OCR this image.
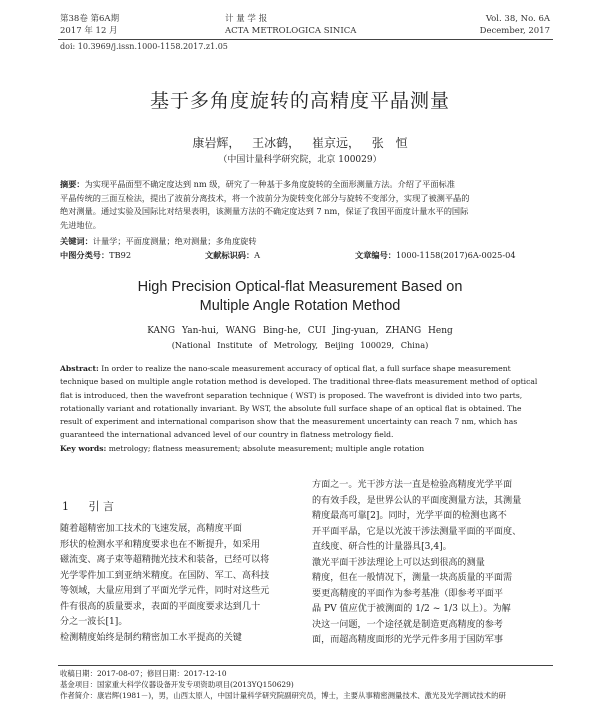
第38卷 第6A期
2017 年 12 月
计 量 学 报
ACTA METROLOGICA SINICA
Vol. 38, No. 6A
December, 2017
doi: 10.3969/j.issn.1000-1158.2017.z1.05
基于多角度旋转的高精度平晶测量
康岩辉， 王冰鹤， 崔京远， 张 恒
（中国计量科学研究院，北京 100029）
摘要：为实现平晶面型不确定度达到 nm 级，研究了一种基于多角度旋转的全面形测量方法。介绍了平面标准
平晶传统的三面互检法，提出了波前分离技术，将一个波前分为旋转变化部分与旋转不变部分，实现了被测平晶的
绝对测量。通过实验及国际比对结果表明，该测量方法的不确定度达到 7 nm，保证了我国平面度计量水平的国际
先进地位。
关键词：计量学；平面度测量；绝对测量；多角度旋转
中图分类号：TB92	文献标识码：A	文章编号：1000-1158(2017)6A-0025-04
High Precision Optical-flat Measurement Based on
Multiple Angle Rotation Method
KANG Yan-hui, WANG Bing-he, CUI Jing-yuan, ZHANG Heng
(National Institute of Metrology, Beijing 100029, China)
Abstract: In order to realize the nano-scale measurement accuracy of optical flat, a full surface shape measurement
technique based on multiple angle rotation method is developed. The traditional three-flats measurement method of optical
flat is introduced, then the wavefront separation technique ( WST) is proposed. The wavefront is divided into two parts,
rotationally variant and rotationally invariant. By WST, the absolute full surface shape of an optical flat is obtained. The
result of experiment and international comparison show that the measurement uncertainty can reach 7 nm, which has
guaranteed the international advanced level of our country in flatness metrology field.
Key words: metrology; flatness measurement; absolute measurement; multiple angle rotation
1 引 言
随着超精密加工技术的飞速发展，高精度平面
形状的检测水平和精度要求也在不断提升，如采用
磁流变、离子束等超精抛光技术和装备，已经可以将
光学零件加工到亚纳米精度。在国防、军工、高科技
等领域，大量应用到了平面光学元件，同时对这些元
件有很高的质量要求，表面的平面度要求达到几十
分之一波长[1]。
检测精度始终是制约精密加工水平提高的关键
方面之一。光干涉方法一直是检验高精度光学平面
的有效手段，是世界公认的平面度测量方法，其测量
精度最高可靠[2]。同时，光学平面的检测也离不
开平面平晶，它是以光波干涉法测量平面的平面度、
直线度、研合性的计量器具[3,4]。
激光平面干涉法理论上可以达到很高的测量
精度，但在一般情况下，测量一块高质量的平面需
要更高精度的平面作为参考基准（即参考平面平
晶 PV 值应优于被测面的 1/2 ~ 1/3 以上）。为解
决这一问题，一个途径就是制造更高精度的参考
面，而超高精度面形的光学元件多用于国防军事
收稿日期：2017-08-07；修回日期：2017-12-10
基金项目：国家重大科学仪器设备开发专项资助项目(2013YQ150629)
作者简介：康岩辉(1981－)，男，山西太原人，中国计量科学研究院副研究员，博士，主要从事精密测量技术、激光及光学测试技术的研
